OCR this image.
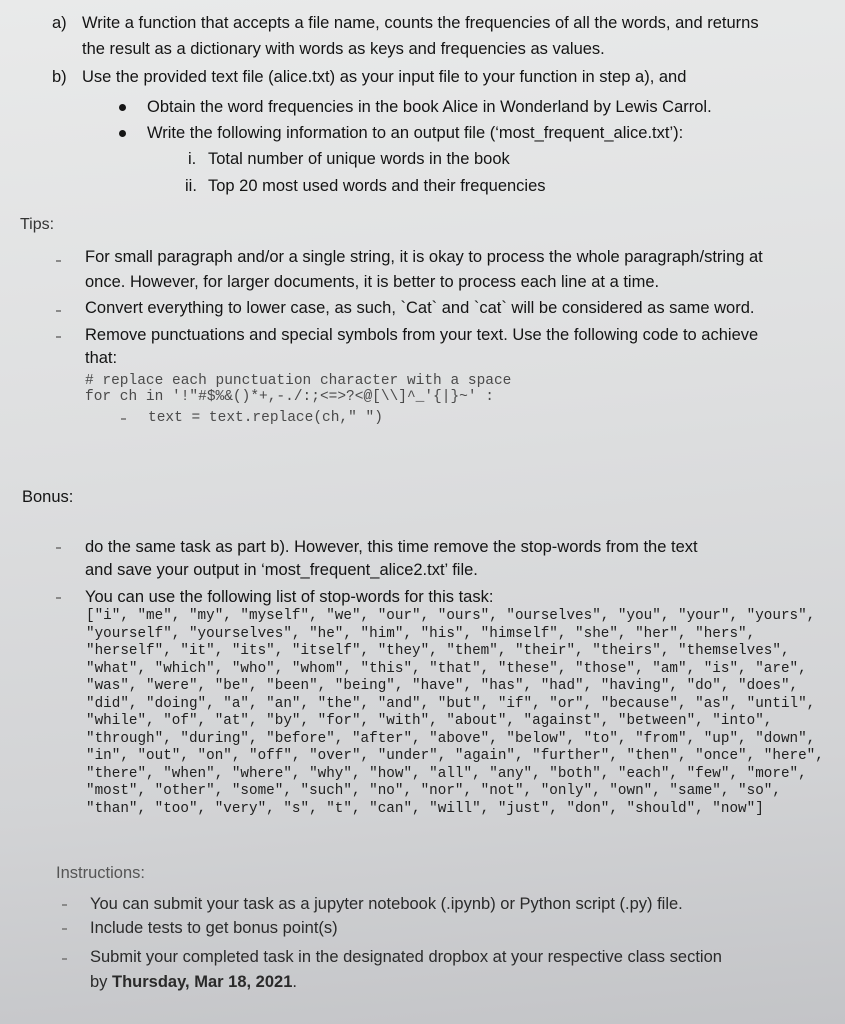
a) Write a function that accepts a file name, counts the frequencies of all the words, and returns
the result as a dictionary with words as keys and frequencies as values.
b) Use the provided text file (alice.txt) as your input file to your function in step a), and
Obtain the word frequencies in the book Alice in Wonderland by Lewis Carrol.
Write the following information to an output file (‘most_frequent_alice.txt’):
i. Total number of unique words in the book
ii. Top 20 most used words and their frequencies
Tips:
For small paragraph and/or a single string, it is okay to process the whole paragraph/string at
once. However, for larger documents, it is better to process each line at a time.
Convert everything to lower case, as such, `Cat` and `cat` will be considered as same word.
Remove punctuations and special symbols from your text. Use the following code to achieve
that:
# replace each punctuation character with a space
for ch in '!"#$%&()*+,-./:;<=>?<@[\\]^_'{|}~' :
text = text.replace(ch," ")
Bonus:
do the same task as part b). However, this time remove the stop-words from the text
and save your output in ‘most_frequent_alice2.txt’ file.
You can use the following list of stop-words for this task:
["i", "me", "my", "myself", "we", "our", "ours", "ourselves", "you", "your", "yours",
"yourself", "yourselves", "he", "him", "his", "himself", "she", "her", "hers",
"herself", "it", "its", "itself", "they", "them", "their", "theirs", "themselves",
"what", "which", "who", "whom", "this", "that", "these", "those", "am", "is", "are",
"was", "were", "be", "been", "being", "have", "has", "had", "having", "do", "does",
"did", "doing", "a", "an", "the", "and", "but", "if", "or", "because", "as", "until",
"while", "of", "at", "by", "for", "with", "about", "against", "between", "into",
"through", "during", "before", "after", "above", "below", "to", "from", "up", "down",
"in", "out", "on", "off", "over", "under", "again", "further", "then", "once", "here",
"there", "when", "where", "why", "how", "all", "any", "both", "each", "few", "more",
"most", "other", "some", "such", "no", "nor", "not", "only", "own", "same", "so",
"than", "too", "very", "s", "t", "can", "will", "just", "don", "should", "now"]
Instructions:
You can submit your task as a jupyter notebook (.ipynb) or Python script (.py) file.
Include tests to get bonus point(s)
Submit your completed task in the designated dropbox at your respective class section
by Thursday, Mar 18, 2021.
